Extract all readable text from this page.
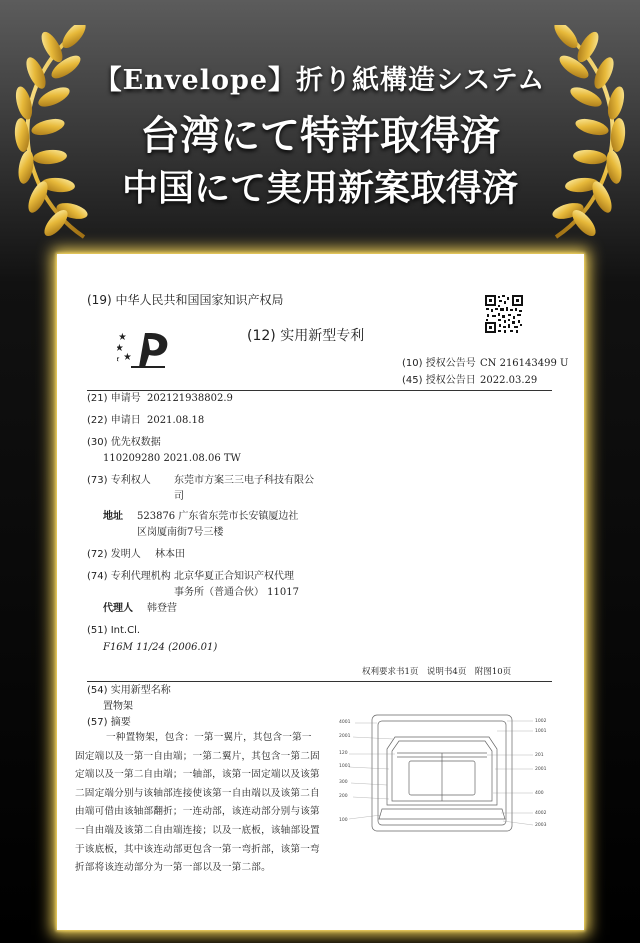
【Envelope】折り紙構造システム
台湾にて特許取得済
中国にて実用新案取得済
(19) 中华人民共和国国家知识产权局
(12) 实用新型专利
(10) 授权公告号 CN 216143499 U
(45) 授权公告日 2022.03.29
(21) 申请号 202121938802.9
(22) 申请日 2021.08.18
(30) 优先权数据
110209280 2021.08.06 TW
(73) 专利权人 东莞市方案三三电子科技有限公
司
地址 523876 广东省东莞市长安镇厦边社
区岗厦南街7号三楼
(72) 发明人 林本田
(74) 专利代理机构 北京华夏正合知识产权代理
事务所（普通合伙） 11017
代理人 韩登营
(51) Int.Cl.
F16M 11/24 (2006.01)
权利要求书1页　说明书4页　附图10页
(54) 实用新型名称
置物架
(57) 摘要
一种置物架，包含：一第一翼片，其包含一第一固定端以及一第一自由端；一第二翼片，其包含一第二固定端以及一第二自由端；一轴部，该第一固定端以及该第二固定端分别与该轴部连接使该第一自由端以及该第二自由端可借由该轴部翻折；一连动部，该连动部分别与该第一自由端及该第二自由端连接；以及一底板，该轴部设置于该底板，其中该连动部更包含一第一弯折部，该第一弯折部将该连动部分为一第一部以及一第二部。
4001
2001
120
1001
300
200
100
1002
1001
201
2001
400
4002
2003
